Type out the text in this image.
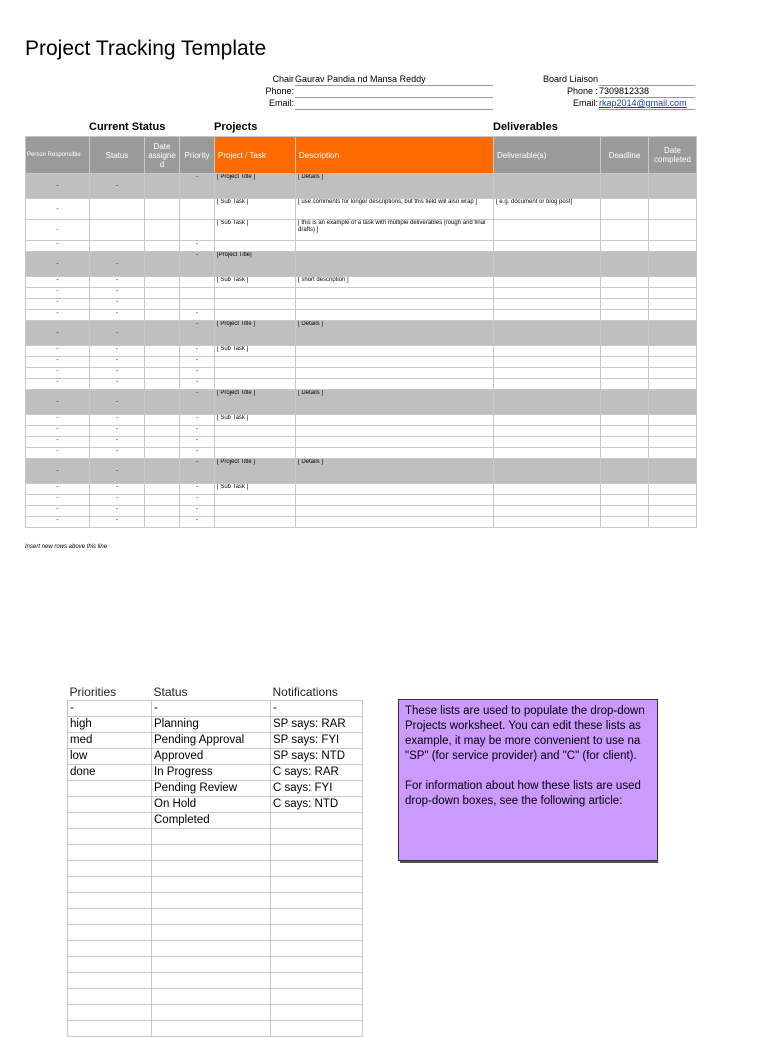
Project Tracking Template
Chair Gaurav Pandia nd Mansa Reddy
Phone:
Email:
Board Liaison
Phone : 7309812338
Email: rkap2014@gmail.com
Current Status	Projects	Deliverables
Person Responsible	Status	Date assigne d	Priority	Project / Task	Description	Deliverable(s)	Deadline	Date completed
-	-		-	[ Project Title ]	[ Details ]			
-				[ Sub Task ]	[ use comments for longer descriptions, but this field will also wrap ]	[ e.g. document or blog post]		
-				[ Sub Task ]	[ this is an example of a task with multiple deliverables (rough and final drafts) ]			
-			-					
-	-		-	[Project Title]				
-	-			[ Sub Task ]	[ short description ]			
-	-							
-	-							
-	-		-					
-	-		-	[ Project Title ]	[ Details ]			
-	-		-	[ Sub Task ]				
-	-		-					
-	-		-					
-	-		-					
-	-		-	[ Project Title ]	[ Details ]			
-	-		-	[ Sub Task ]				
-	-		-					
-	-		-					
-	-		-					
-	-		-	[ Project Title ]	[ Details ]			
-	-		-	[ Sub Task ]				
-	-		-					
-	-		-					
-	-		-					
Insert new rows above this line
Priorities	Status	Notifications
-	-	-
high	Planning	SP says: RAR
med	Pending Approval	SP says: FYI
low	Approved	SP says: NTD
done	In Progress	C says: RAR
	Pending Review	C says: FYI
	On Hold	C says: NTD
	Completed	

These lists are used to populate the drop-down
Projects worksheet. You can edit these lists as
example, it may be more convenient to use na
"SP" (for service provider) and "C" (for client).

For information about how these lists are used
drop-down boxes, see the following article:
